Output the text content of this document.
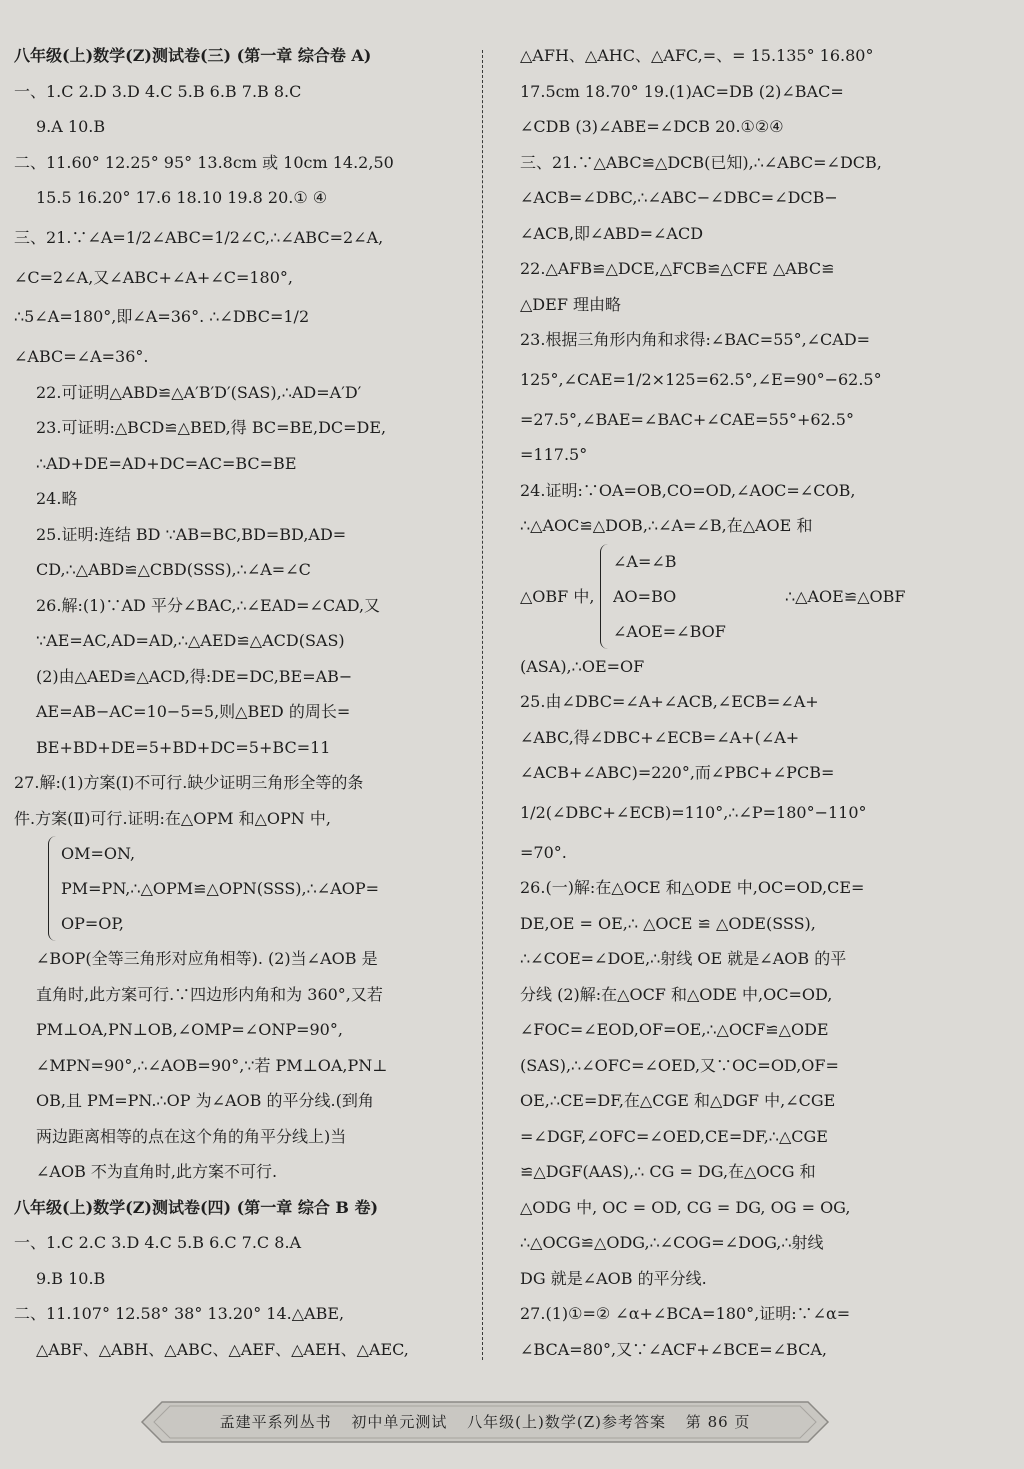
八年级(上)数学(Z)测试卷(三) (第一章 综合卷 A)
一、1.C 2.D 3.D 4.C 5.B 6.B 7.B 8.C
9.A 10.B
二、11.60° 12.25° 95° 13.8cm 或 10cm 14.2,50
15.5 16.20° 17.6 18.10 19.8 20.① ④
三、21.∵∠A=1/2∠ABC=1/2∠C,∴∠ABC=2∠A,
∠C=2∠A,又∠ABC+∠A+∠C=180°,
∴5∠A=180°,即∠A=36°. ∴∠DBC=1/2
∠ABC=∠A=36°.
22.可证明△ABD≌△A′B′D′(SAS),∴AD=A′D′
23.可证明:△BCD≌△BED,得 BC=BE,DC=DE,
∴AD+DE=AD+DC=AC=BC=BE
24.略
25.证明:连结 BD ∵AB=BC,BD=BD,AD=
CD,∴△ABD≌△CBD(SSS),∴∠A=∠C
26.解:(1)∵AD 平分∠BAC,∴∠EAD=∠CAD,又
∵AE=AC,AD=AD,∴△AED≌△ACD(SAS)
(2)由△AED≌△ACD,得:DE=DC,BE=AB−
AE=AB−AC=10−5=5,则△BED 的周长=
BE+BD+DE=5+BD+DC=5+BC=11
27.解:(1)方案(Ⅰ)不可行.缺少证明三角形全等的条
件.方案(Ⅱ)可行.证明:在△OPM 和△OPN 中,
OM=ON,
PM=PN,∴△OPM≌△OPN(SSS),∴∠AOP=
OP=OP,
∠BOP(全等三角形对应角相等). (2)当∠AOB 是
直角时,此方案可行.∵四边形内角和为 360°,又若
PM⊥OA,PN⊥OB,∠OMP=∠ONP=90°,
∠MPN=90°,∴∠AOB=90°,∵若 PM⊥OA,PN⊥
OB,且 PM=PN.∴OP 为∠AOB 的平分线.(到角
两边距离相等的点在这个角的角平分线上)当
∠AOB 不为直角时,此方案不可行.
八年级(上)数学(Z)测试卷(四) (第一章 综合 B 卷)
一、1.C 2.C 3.D 4.C 5.B 6.C 7.C 8.A
9.B 10.B
二、11.107° 12.58° 38° 13.20° 14.△ABE,
△ABF、△ABH、△ABC、△AEF、△AEH、△AEC,
△AFH、△AHC、△AFC,=、= 15.135° 16.80°
17.5cm 18.70° 19.(1)AC=DB (2)∠BAC=
∠CDB (3)∠ABE=∠DCB 20.①②④
三、21.∵△ABC≌△DCB(已知),∴∠ABC=∠DCB,
∠ACB=∠DBC,∴∠ABC−∠DBC=∠DCB−
∠ACB,即∠ABD=∠ACD
22.△AFB≌△DCE,△FCB≌△CFE △ABC≌
△DEF 理由略
23.根据三角形内角和求得:∠BAC=55°,∠CAD=
125°,∠CAE=1/2×125=62.5°,∠E=90°−62.5°
=27.5°,∠BAE=∠BAC+∠CAE=55°+62.5°
=117.5°
24.证明:∵OA=OB,CO=OD,∠AOC=∠COB,
∴△AOC≌△DOB,∴∠A=∠B,在△AOE 和
△OBF 中,
∠A=∠B
AO=BO
∠AOE=∠BOF
∴△AOE≌△OBF
(ASA),∴OE=OF
25.由∠DBC=∠A+∠ACB,∠ECB=∠A+
∠ABC,得∠DBC+∠ECB=∠A+(∠A+
∠ACB+∠ABC)=220°,而∠PBC+∠PCB=
1/2(∠DBC+∠ECB)=110°,∴∠P=180°−110°
=70°.
26.(一)解:在△OCE 和△ODE 中,OC=OD,CE=
DE,OE = OE,∴ △OCE ≌ △ODE(SSS),
∴∠COE=∠DOE,∴射线 OE 就是∠AOB 的平
分线 (2)解:在△OCF 和△ODE 中,OC=OD,
∠FOC=∠EOD,OF=OE,∴△OCF≌△ODE
(SAS),∴∠OFC=∠OED,又∵OC=OD,OF=
OE,∴CE=DF,在△CGE 和△DGF 中,∠CGE
=∠DGF,∠OFC=∠OED,CE=DF,∴△CGE
≌△DGF(AAS),∴ CG = DG,在△OCG 和
△ODG 中, OC = OD, CG = DG, OG = OG,
∴△OCG≌△ODG,∴∠COG=∠DOG,∴射线
DG 就是∠AOB 的平分线.
27.(1)①=② ∠α+∠BCA=180°,证明:∵∠α=
∠BCA=80°,又∵∠ACF+∠BCE=∠BCA,
孟建平系列丛书 初中单元测试 八年级(上)数学(Z)参考答案 第 86 页
